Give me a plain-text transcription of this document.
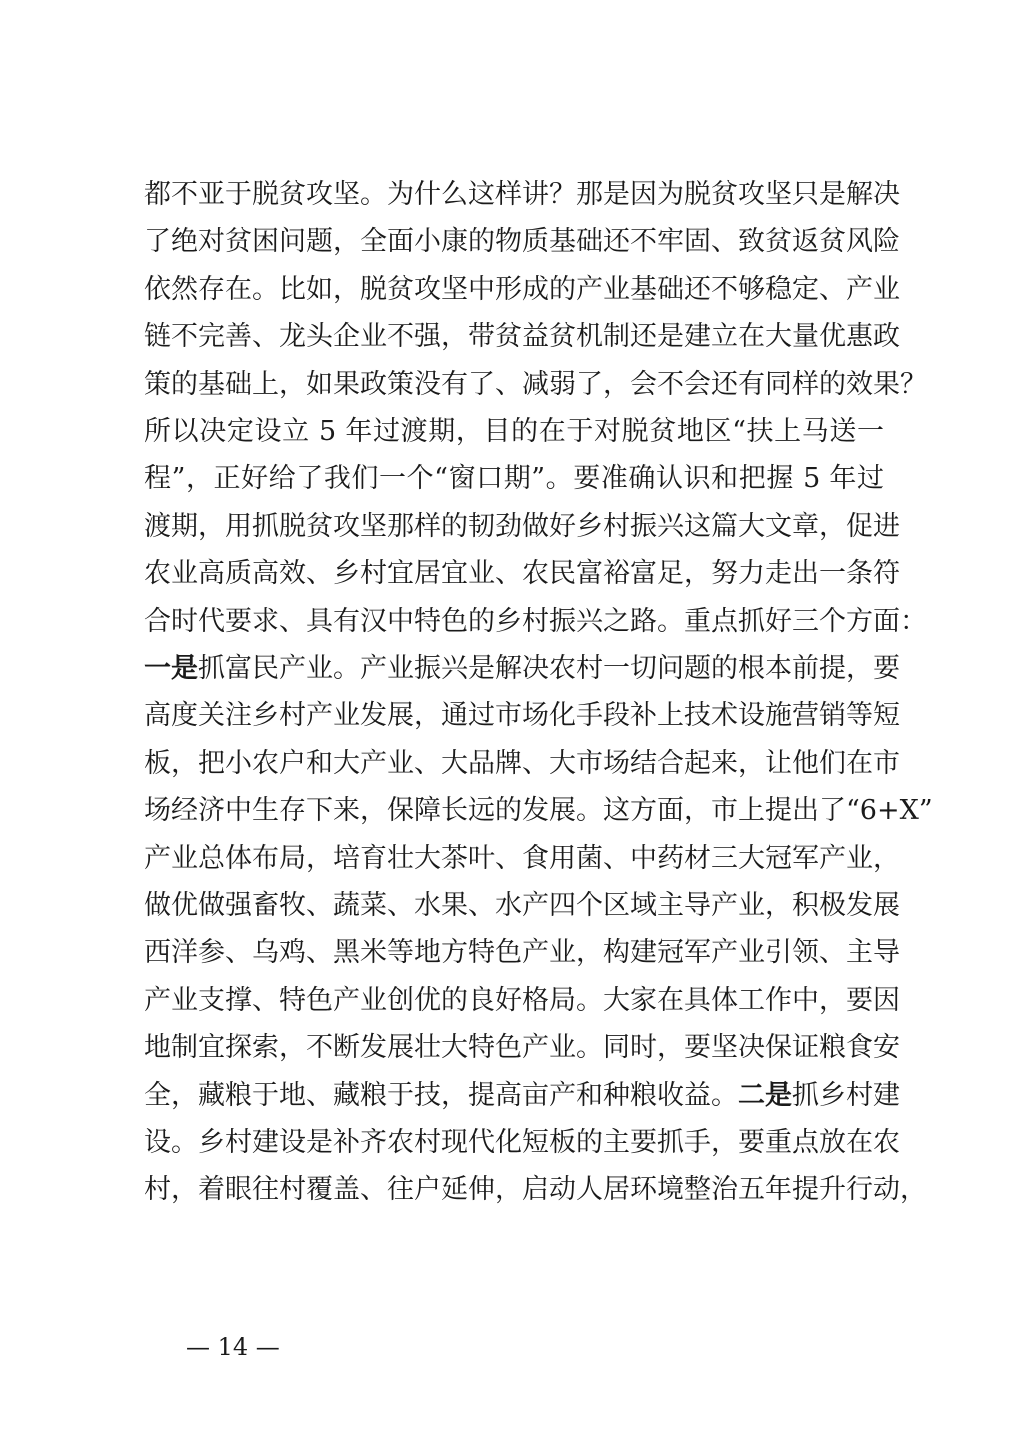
都不亚于脱贫攻坚。为什么这样讲？那是因为脱贫攻坚只是解决
了绝对贫困问题，全面小康的物质基础还不牢固、致贫返贫风险
依然存在。比如，脱贫攻坚中形成的产业基础还不够稳定、产业
链不完善、龙头企业不强，带贫益贫机制还是建立在大量优惠政
策的基础上，如果政策没有了、减弱了，会不会还有同样的效果？
所以决定设立 5 年过渡期，目的在于对脱贫地区“扶上马送一
程”，正好给了我们一个“窗口期”。要准确认识和把握 5 年过
渡期，用抓脱贫攻坚那样的韧劲做好乡村振兴这篇大文章，促进
农业高质高效、乡村宜居宜业、农民富裕富足，努力走出一条符
合时代要求、具有汉中特色的乡村振兴之路。重点抓好三个方面：
一是抓富民产业。产业振兴是解决农村一切问题的根本前提，要
高度关注乡村产业发展，通过市场化手段补上技术设施营销等短
板，把小农户和大产业、大品牌、大市场结合起来，让他们在市
场经济中生存下来，保障长远的发展。这方面，市上提出了“6+X”
产业总体布局，培育壮大茶叶、食用菌、中药材三大冠军产业，
做优做强畜牧、蔬菜、水果、水产四个区域主导产业，积极发展
西洋参、乌鸡、黑米等地方特色产业，构建冠军产业引领、主导
产业支撑、特色产业创优的良好格局。大家在具体工作中，要因
地制宜探索，不断发展壮大特色产业。同时，要坚决保证粮食安
全，藏粮于地、藏粮于技，提高亩产和种粮收益。二是抓乡村建
设。乡村建设是补齐农村现代化短板的主要抓手，要重点放在农
村，着眼往村覆盖、往户延伸，启动人居环境整治五年提升行动，
— 14 —
